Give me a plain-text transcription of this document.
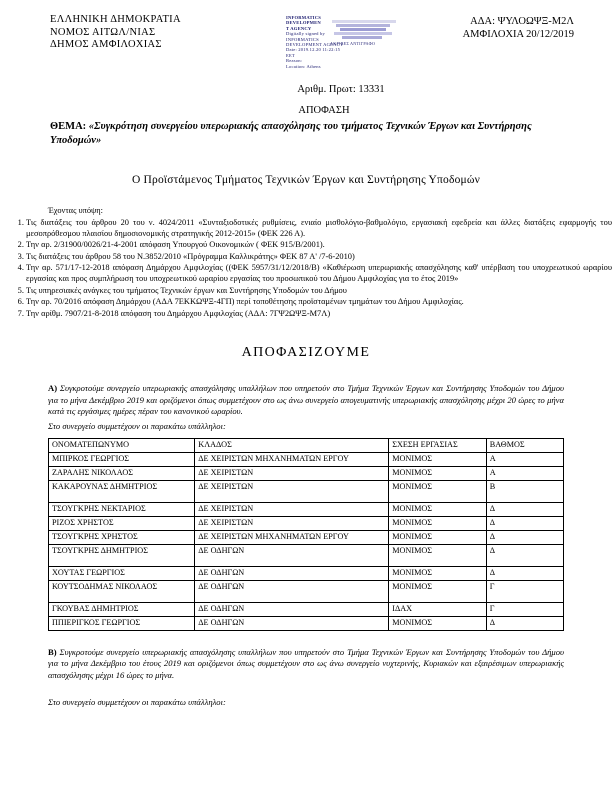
ΕΛΛΗΝΙΚΗ ΔΗΜΟΚΡΑΤΙΑ
ΝΟΜΟΣ ΑΙΤΩΛ/ΝΙΑΣ
ΔΗΜΟΣ ΑΜΦΙΛΟΧΙΑΣ
INFORMATICS
DEVELOPMEN
T AGENCY
Digitally signed by
INFORMATICS
DEVELOPMENT AGENCY
Date: 2019.12.20 11:22:15
EET
Reason:
Location: Athens
ΑΚΡΙΒΕΣ ΑΝΤΙΓΡΑΦΟ
ΑΔΑ: ΨΥΛΟΩΨΞ-Μ2Λ
ΑΜΦΙΛΟΧΙΑ 20/12/2019
Αριθμ. Πρωτ: 13331
ΑΠΟΦΑΣΗ
ΘΕΜΑ: «Συγκρότηση συνεργείου υπερωριακής απασχόλησης του τμήματος Τεχνικών Έργων και Συντήρησης Υποδομών»
Ο Προϊστάμενος Τμήματος Τεχνικών Έργων και Συντήρησης Υποδομών
Έχοντας υπόψη:
1. Τις διατάξεις του άρθρου 20 του ν. 4024/2011 «Συνταξιοδοτικές ρυθμίσεις, ενιαίο μισθολόγιο-βαθμολόγιο, εργασιακή εφεδρεία και άλλες διατάξεις εφαρμογής του μεσοπρόθεσμου πλαισίου δημοσιονομικής στρατηγικής 2012-2015» (ΦΕΚ 226 Α).
2. Την αρ. 2/31900/0026/21-4-2001 απόφαση Υπουργού Οικονομικών ( ΦΕΚ 915/Β/2001).
3. Τις διατάξεις του άρθρου 58 του Ν.3852/2010 «Πρόγραμμα Καλλικράτης» ΦΕΚ 87 Α' /7-6-2010)
4. Την αρ. 571/17-12-2018 απόφαση Δημάρχου Αμφιλοχίας ((ΦΕΚ 5957/31/12/2018/Β) «Καθιέρωση υπερωριακής απασχόλησης καθ' υπέρβαση του υποχρεωτικού ωραρίου εργασίας και προς συμπλήρωση του υποχρεωτικού ωραρίου εργασίας του προσωπικού του Δήμου Αμφιλοχίας για το έτος 2019»
5. Τις υπηρεσιακές ανάγκες του τμήματος Τεχνικών έργων και Συντήρησης Υποδομών του Δήμου
6. Την αρ. 70/2016 απόφαση Δημάρχου (ΑΔΑ 7ΕΚΚΩΨΞ-4ΓΠ) περί τοποθέτησης προϊσταμένων τμημάτων του Δήμου Αμφιλοχίας.
7. Την αρίθμ. 7907/21-8-2018 απόφαση του Δημάρχου Αμφιλοχίας (ΑΔΑ: 7ΓΨ2ΩΨΞ-Μ7Λ)
ΑΠΟΦΑΣΙΖΟΥΜΕ
Α) Συγκροτούμε συνεργείο υπερωριακής απασχόλησης υπαλλήλων που υπηρετούν στο Τμήμα Τεχνικών Έργων και Συντήρησης Υποδομών του Δήμου για το μήνα Δεκέμβριο 2019 και οριζόμενοι όπως συμμετέχουν στο ως άνω συνεργείο απογευματινής υπερωριακής απασχόλησης μέχρι 20 ώρες το μήνα κατά τις εργάσιμες ημέρες πέραν του κανονικού ωραρίου.
Στο συνεργείο συμμετέχουν οι παρακάτω υπάλληλοι:
ΟΝΟΜΑΤΕΠΩΝΥΜΟ	ΚΛΑΔΟΣ	ΣΧΕΣΗ ΕΡΓΑΣΙΑΣ	ΒΑΘΜΟΣ
ΜΠΙΡΚΟΣ ΓΕΩΡΓΙΟΣ	ΔΕ ΧΕΙΡΙΣΤΩΝ ΜΗΧΑΝΗΜΑΤΩΝ ΕΡΓΟΥ	ΜΟΝΙΜΟΣ	Α
ΖΑΡΑΛΗΣ ΝΙΚΟΛΑΟΣ	ΔΕ ΧΕΙΡΙΣΤΩΝ	ΜΟΝΙΜΟΣ	Α
ΚΑΚΑΡΟΥΝΑΣ ΔΗΜΗΤΡΙΟΣ	ΔΕ ΧΕΙΡΙΣΤΩΝ	ΜΟΝΙΜΟΣ	Β
ΤΣΟΥΓΚΡΗΣ ΝΕΚΤΑΡΙΟΣ	ΔΕ ΧΕΙΡΙΣΤΩΝ	ΜΟΝΙΜΟΣ	Δ
ΡΙΖΟΣ ΧΡΗΣΤΟΣ	ΔΕ ΧΕΙΡΙΣΤΩΝ	ΜΟΝΙΜΟΣ	Δ
ΤΣΟΥΓΚΡΗΣ ΧΡΗΣΤΟΣ	ΔΕ ΧΕΙΡΙΣΤΩΝ ΜΗΧΑΝΗΜΑΤΩΝ ΕΡΓΟΥ	ΜΟΝΙΜΟΣ	Δ
ΤΣΟΥΓΚΡΗΣ ΔΗΜΗΤΡΙΟΣ	ΔΕ ΟΔΗΓΩΝ	ΜΟΝΙΜΟΣ	Δ
ΧΟΥΤΑΣ ΓΕΩΡΓΙΟΣ	ΔΕ ΟΔΗΓΩΝ	ΜΟΝΙΜΟΣ	Δ
ΚΟΥΤΣΟΔΗΜΑΣ ΝΙΚΟΛΑΟΣ	ΔΕ ΟΔΗΓΩΝ	ΜΟΝΙΜΟΣ	Γ
ΓΚΟΥΒΑΣ ΔΗΜΗΤΡΙΟΣ	ΔΕ ΟΔΗΓΩΝ	ΙΔΑΧ	Γ
ΠΠΙΕΡΙΓΚΟΣ ΓΕΩΡΓΙΟΣ	ΔΕ ΟΔΗΓΩΝ	ΜΟΝΙΜΟΣ	Δ
Β) Συγκροτούμε συνεργείο υπερωριακής απασχόλησης υπαλλήλων που υπηρετούν στο Τμήμα Τεχνικών Έργων και Συντήρησης Υποδομών του Δήμου για το μήνα Δεκέμβριο του έτους 2019 και οριζόμενοι όπως συμμετέχουν στο ως άνω συνεργείο νυχτερινής, Κυριακών και εξαιρέσιμων υπερωριακής απασχόλησης μέχρι 16 ώρες το μήνα.
Στο συνεργείο συμμετέχουν οι παρακάτω υπάλληλοι:
